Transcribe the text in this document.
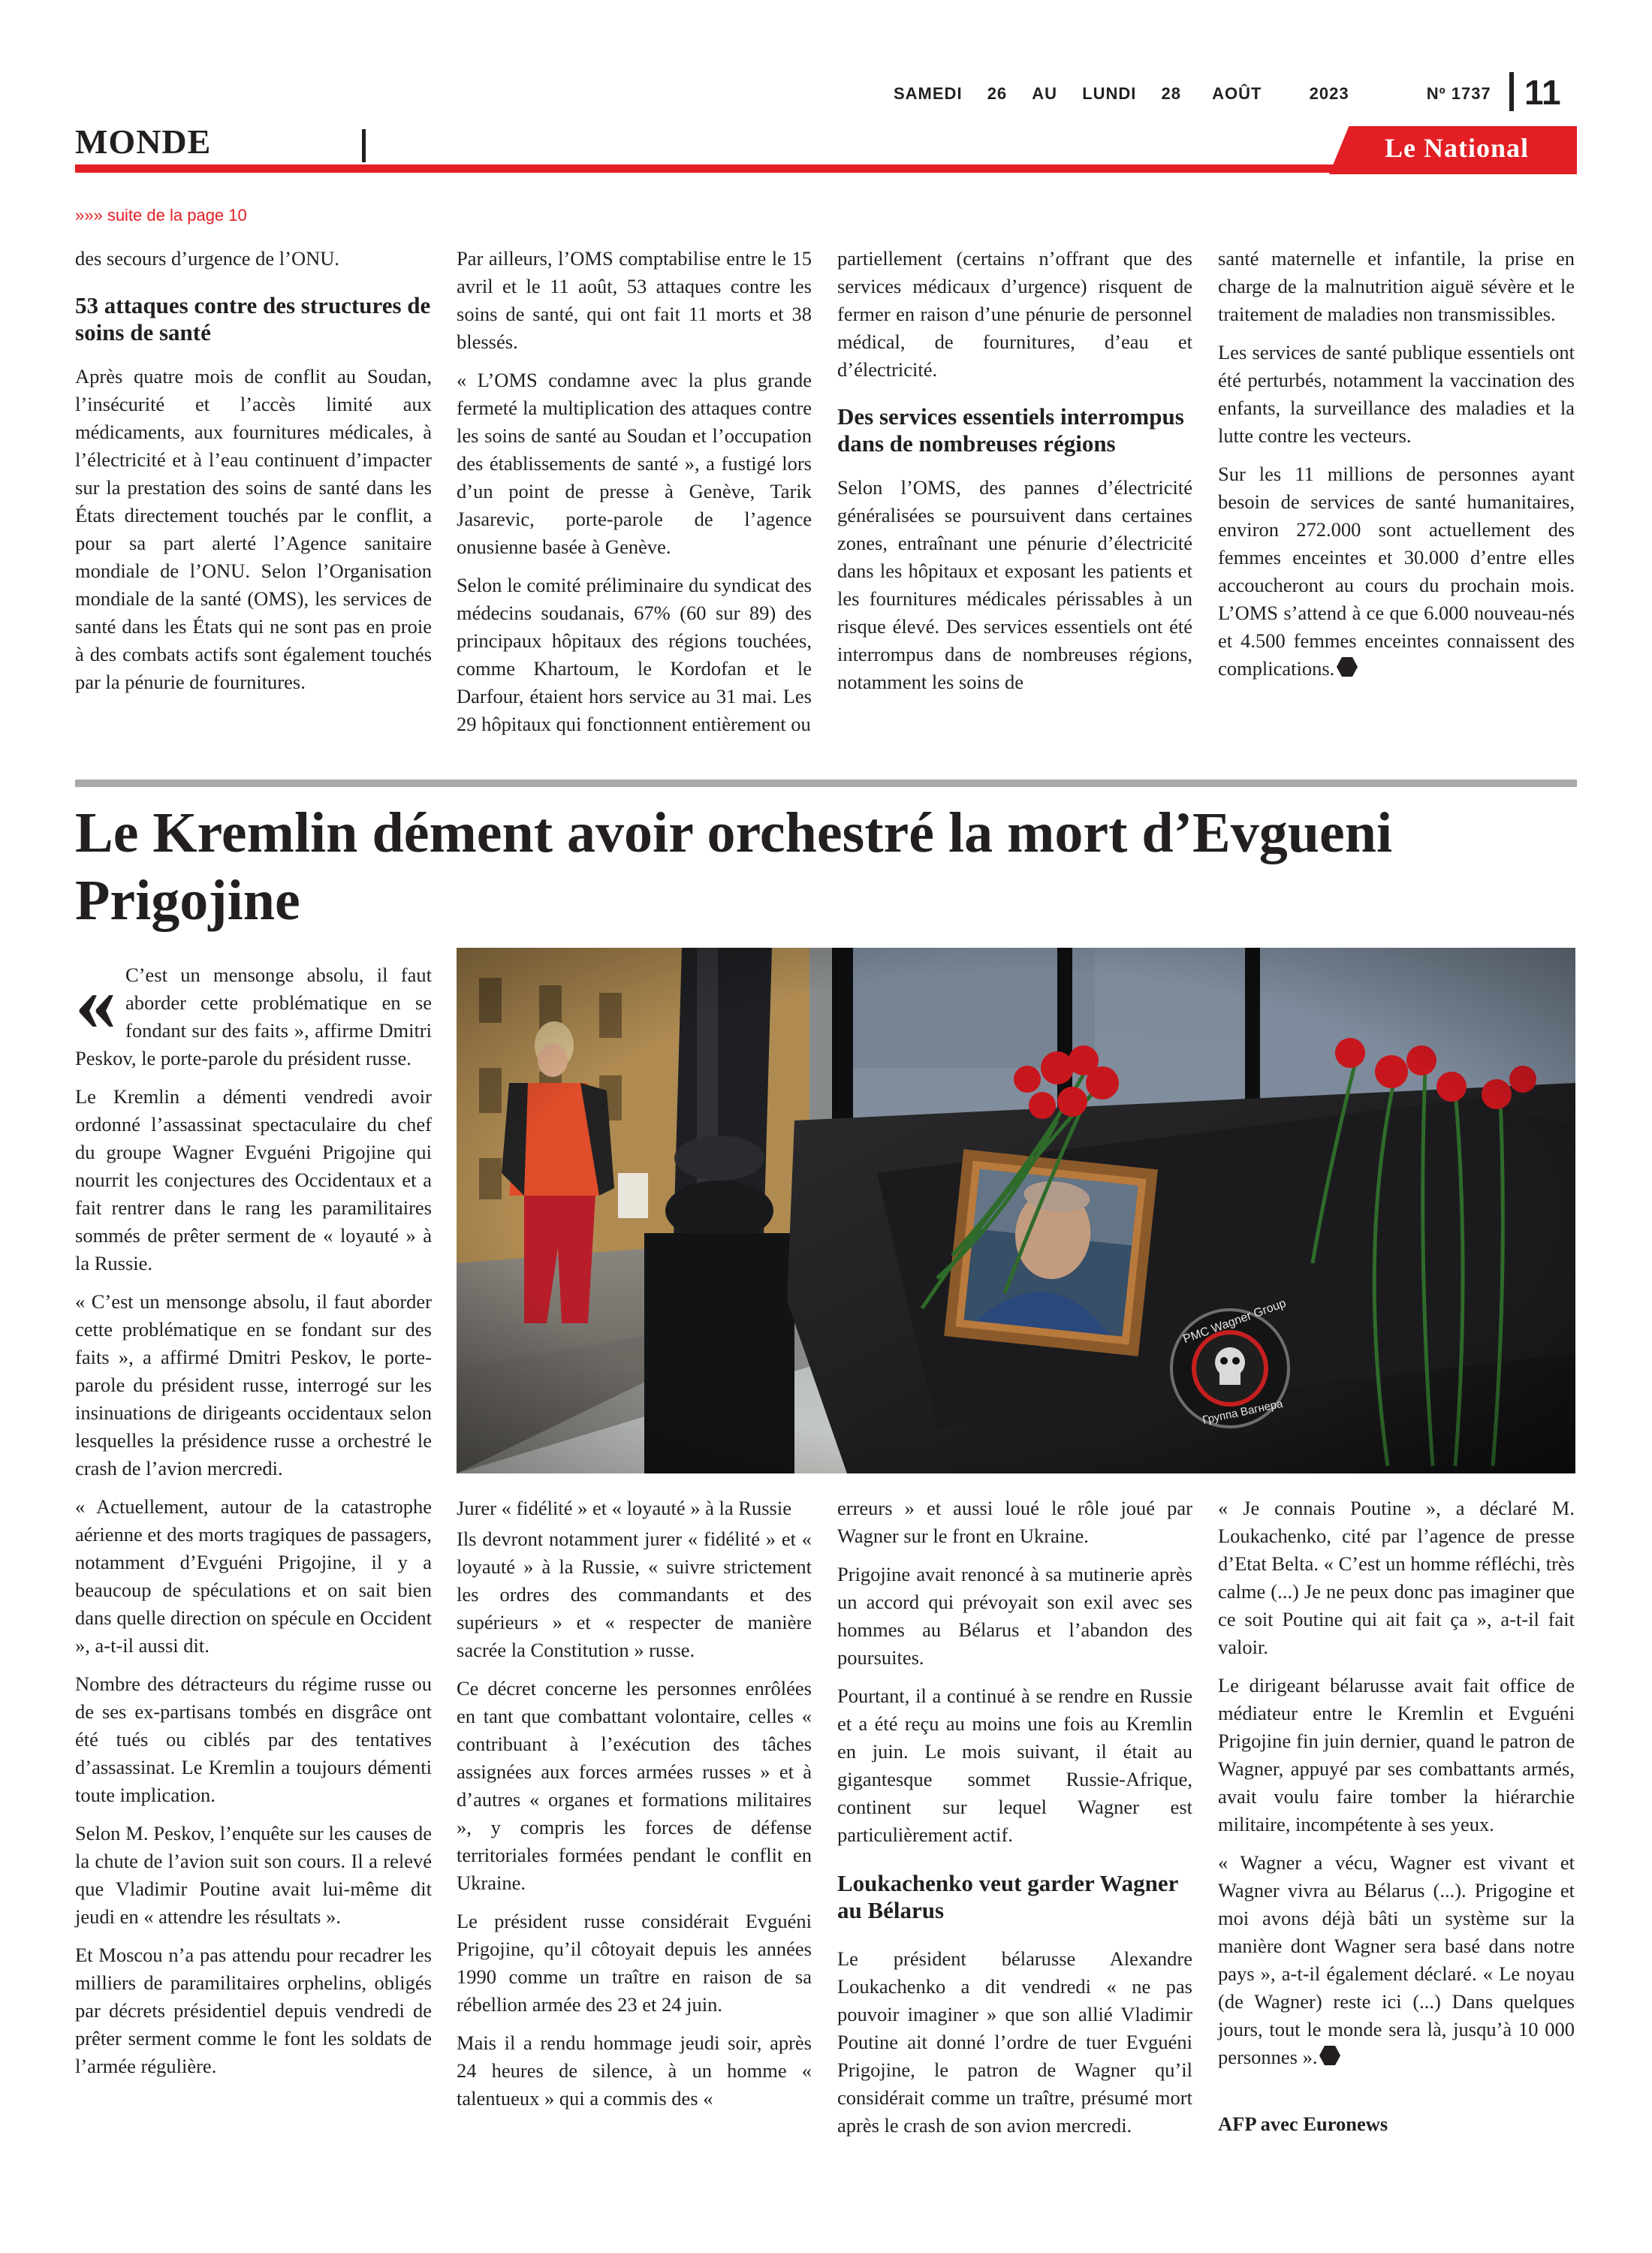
SAMEDI 26 AU LUNDI 28 AOÛT	2023	Nº 1737 11
MONDE	Le National
»»» suite de la page 10

des secours d’urgence de l’ONU.

53 attaques contre des structures de soins de santé

Après quatre mois de conflit au Soudan, l’insécurité et l’accès limité aux médicaments, aux fournitures médicales, à l’électricité et à l’eau continuent d’impacter sur la prestation des soins de santé dans les États directement touchés par le conflit, a pour sa part alerté l’Agence sanitaire mondiale de l’ONU. Selon l’Organisation mondiale de la santé (OMS), les services de santé dans les États qui ne sont pas en proie à des combats actifs sont également touchés par la pénurie de fournitures.

Par ailleurs, l’OMS comptabilise entre le 15 avril et le 11 août, 53 attaques contre les soins de santé, qui ont fait 11 morts et 38 blessés.

« L’OMS condamne avec la plus grande fermeté la multiplication des attaques contre les soins de santé au Soudan et l’occupation des établissements de santé », a fustigé lors d’un point de presse à Genève, Tarik Jasarevic, porte-parole de l’agence onusienne basée à Genève.

Selon le comité préliminaire du syndicat des médecins soudanais, 67% (60 sur 89) des principaux hôpitaux des régions touchées, comme Khartoum, le Kordofan et le Darfour, étaient hors service au 31 mai. Les 29 hôpitaux qui fonctionnent entièrement ou

partiellement (certains n’offrant que des services médicaux d’urgence) risquent de fermer en raison d’une pénurie de personnel médical, de fournitures, d’eau et d’électricité.

Des services essentiels interrompus dans de nombreuses régions

Selon l’OMS, des pannes d’électricité généralisées se poursuivent dans certaines zones, entraînant une pénurie d’électricité dans les hôpitaux et exposant les patients et les fournitures médicales périssables à un risque élevé. Des services essentiels ont été interrompus dans de nombreuses régions, notamment les soins de

santé maternelle et infantile, la prise en charge de la malnutrition aiguë sévère et le traitement de maladies non transmissibles.

Les services de santé publique essentiels ont été perturbés, notamment la vaccination des enfants, la surveillance des maladies et la lutte contre les vecteurs.

Sur les 11 millions de personnes ayant besoin de services de santé humanitaires, environ 272.000 sont actuellement des femmes enceintes et 30.000 d’entre elles accoucheront au cours du prochain mois. L’OMS s’attend à ce que 6.000 nouveau-nés et 4.500 femmes enceintes connaissent des complications.

Le Kremlin dément avoir orchestré la mort d’Evgueni Prigojine

« C’est un mensonge absolu, il faut aborder cette problématique en se fondant sur des faits », affirme Dmitri Peskov, le porte-parole du président russe.

Le Kremlin a démenti vendredi avoir ordonné l’assassinat spectaculaire du chef du groupe Wagner Evguéni Prigojine qui nourrit les conjectures des Occidentaux et a fait rentrer dans le rang les paramilitaires sommés de prêter serment de « loyauté » à la Russie.

« C’est un mensonge absolu, il faut aborder cette problématique en se fondant sur des faits », a affirmé Dmitri Peskov, le porte-parole du président russe, interrogé sur les insinuations de dirigeants occidentaux selon lesquelles la présidence russe a orchestré le crash de l’avion mercredi.

« Actuellement, autour de la catastrophe aérienne et des morts tragiques de passagers, notamment d’Evguéni Prigojine, il y a beaucoup de spéculations et on sait bien dans quelle direction on spécule en Occident », a-t-il aussi dit.

Nombre des détracteurs du régime russe ou de ses ex-partisans tombés en disgrâce ont été tués ou ciblés par des tentatives d’assassinat. Le Kremlin a toujours démenti toute implication.

Selon M. Peskov, l’enquête sur les causes de la chute de l’avion suit son cours. Il a relevé que Vladimir Poutine avait lui-même dit jeudi en « attendre les résultats ».

Et Moscou n’a pas attendu pour recadrer les milliers de paramilitaires orphelins, obligés par décrets présidentiel depuis vendredi de prêter serment comme le font les soldats de l’armée régulière.

Jurer « fidélité » et « loyauté » à la Russie

Ils devront notamment jurer « fidélité » et « loyauté » à la Russie, « suivre strictement les ordres des commandants et des supérieurs » et « respecter de manière sacrée la Constitution » russe.

Ce décret concerne les personnes enrôlées en tant que combattant volontaire, celles « contribuant à l’exécution des tâches assignées aux forces armées russes » et à d’autres « organes et formations militaires », y compris les forces de défense territoriales formées pendant le conflit en Ukraine.

Le président russe considérait Evguéni Prigojine, qu’il côtoyait depuis les années 1990 comme un traître en raison de sa rébellion armée des 23 et 24 juin.

Mais il a rendu hommage jeudi soir, après 24 heures de silence, à un homme « talentueux » qui a commis des «

erreurs » et aussi loué le rôle joué par Wagner sur le front en Ukraine.

Prigojine avait renoncé à sa mutinerie après un accord qui prévoyait son exil avec ses hommes au Bélarus et l’abandon des poursuites.

Pourtant, il a continué à se rendre en Russie et a été reçu au moins une fois au Kremlin en juin. Le mois suivant, il était au gigantesque sommet Russie-Afrique, continent sur lequel Wagner est particulièrement actif.

Loukachenko veut garder Wagner au Bélarus

Le président bélarusse Alexandre Loukachenko a dit vendredi « ne pas pouvoir imaginer » que son allié Vladimir Poutine ait donné l’ordre de tuer Evguéni Prigojine, le patron de Wagner qu’il considérait comme un traître, présumé mort après le crash de son avion mercredi.

« Je connais Poutine », a déclaré M. Loukachenko, cité par l’agence de presse d’Etat Belta. « C’est un homme réfléchi, très calme (...) Je ne peux donc pas imaginer que ce soit Poutine qui ait fait ça », a-t-il fait valoir.

Le dirigeant bélarusse avait fait office de médiateur entre le Kremlin et Evguéni Prigojine fin juin dernier, quand le patron de Wagner, appuyé par ses combattants armés, avait voulu faire tomber la hiérarchie militaire, incompétente à ses yeux.

« Wagner a vécu, Wagner est vivant et Wagner vivra au Bélarus (...). Prigogine et moi avons déjà bâti un système sur la manière dont Wagner sera basé dans notre pays », a-t-il également déclaré. « Le noyau (de Wagner) reste ici (...) Dans quelques jours, tout le monde sera là, jusqu’à 10 000 personnes ».

AFP avec Euronews
